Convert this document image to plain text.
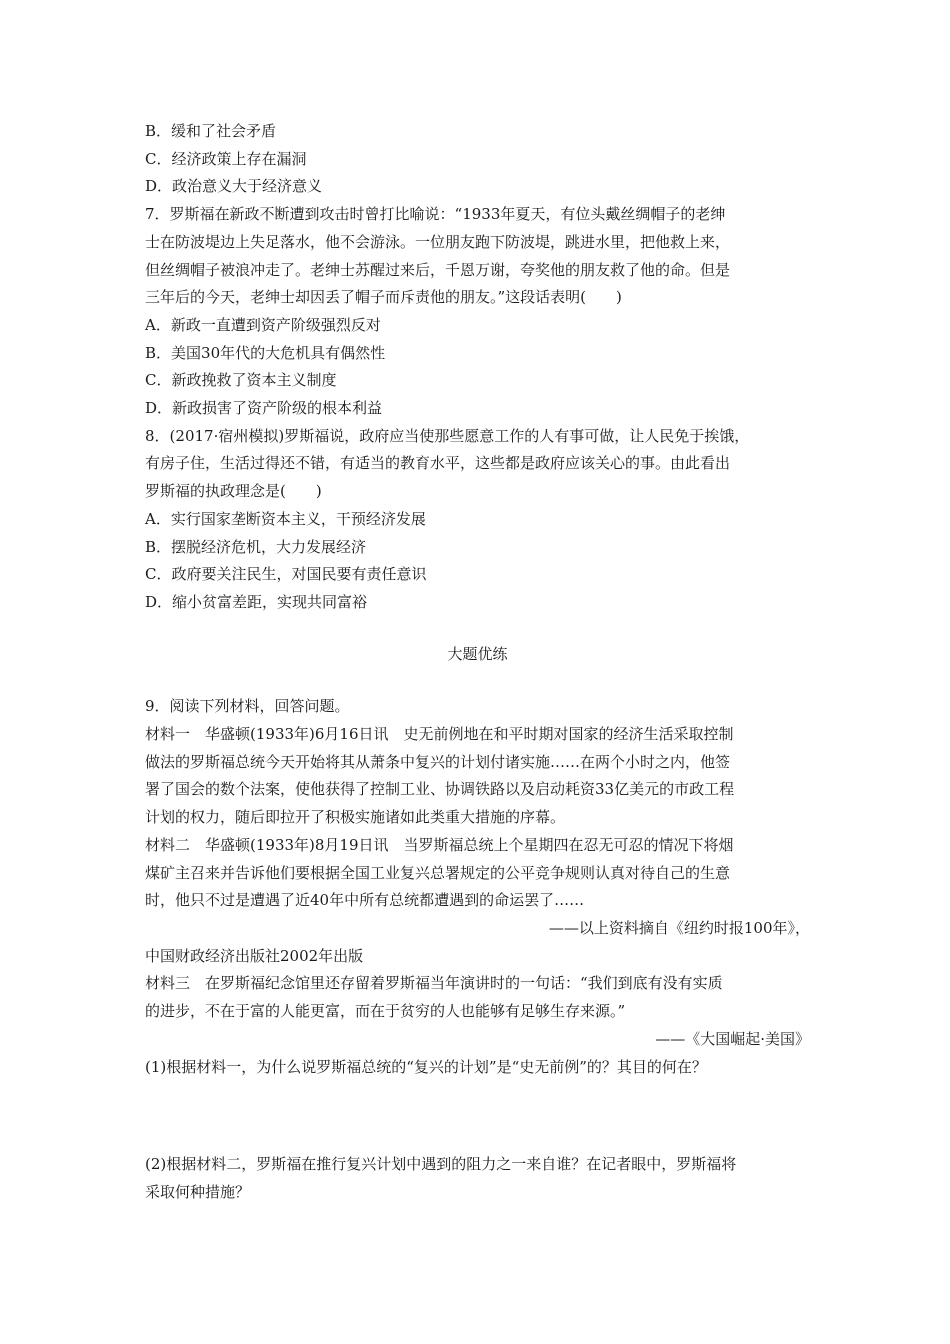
B．缓和了社会矛盾
C．经济政策上存在漏洞
D．政治意义大于经济意义
7．罗斯福在新政不断遭到攻击时曾打比喻说：“1933年夏天，有位头戴丝绸帽子的老绅
士在防波堤边上失足落水，他不会游泳。一位朋友跑下防波堤，跳进水里，把他救上来，
但丝绸帽子被浪冲走了。老绅士苏醒过来后，千恩万谢，夸奖他的朋友救了他的命。但是
三年后的今天，老绅士却因丢了帽子而斥责他的朋友。”这段话表明(　　)
A．新政一直遭到资产阶级强烈反对
B．美国30年代的大危机具有偶然性
C．新政挽救了资本主义制度
D．新政损害了资产阶级的根本利益
8．(2017·宿州模拟)罗斯福说，政府应当使那些愿意工作的人有事可做，让人民免于挨饿，
有房子住，生活过得还不错，有适当的教育水平，这些都是政府应该关心的事。由此看出
罗斯福的执政理念是(　　)
A．实行国家垄断资本主义，干预经济发展
B．摆脱经济危机，大力发展经济
C．政府要关注民生，对国民要有责任意识
D．缩小贫富差距，实现共同富裕
大题优练
9．阅读下列材料，回答问题。
材料一　华盛顿(1933年)6月16日讯　史无前例地在和平时期对国家的经济生活采取控制
做法的罗斯福总统今天开始将其从萧条中复兴的计划付诸实施……在两个小时之内，他签
署了国会的数个法案，使他获得了控制工业、协调铁路以及启动耗资33亿美元的市政工程
计划的权力，随后即拉开了积极实施诸如此类重大措施的序幕。
材料二　华盛顿(1933年)8月19日讯　当罗斯福总统上个星期四在忍无可忍的情况下将烟
煤矿主召来并告诉他们要根据全国工业复兴总署规定的公平竞争规则认真对待自己的生意
时，他只不过是遭遇了近40年中所有总统都遭遇到的命运罢了……
——以上资料摘自《纽约时报100年》，
中国财政经济出版社2002年出版
材料三　在罗斯福纪念馆里还存留着罗斯福当年演讲时的一句话：“我们到底有没有实质
的进步，不在于富的人能更富，而在于贫穷的人也能够有足够生存来源。”
——《大国崛起·美国》
(1)根据材料一，为什么说罗斯福总统的“复兴的计划”是“史无前例”的？其目的何在？
(2)根据材料二，罗斯福在推行复兴计划中遇到的阻力之一来自谁？在记者眼中，罗斯福将
采取何种措施？
